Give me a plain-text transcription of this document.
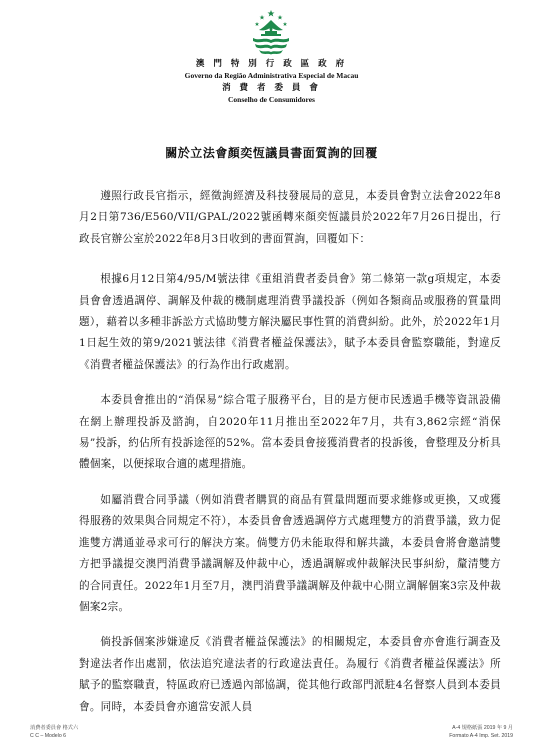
澳 門 特 別 行 政 區 政 府
Governo da Região Administrativa Especial de Macau
消 費 者 委 員 會
Conselho de Consumidores
關於立法會顏奕恆議員書面質詢的回覆

遵照行政長官指示，經徵詢經濟及科技發展局的意見，本委員會對立法會2022年8月2日第736/E560/VII/GPAL/2022號函轉來顏奕恆議員於2022年7月26日提出，行政長官辦公室於2022年8月3日收到的書面質詢，回覆如下：

根據6月12日第4/95/M號法律《重組消費者委員會》第二條第一款g項規定，本委員會會透過調停、調解及仲裁的機制處理消費爭議投訴（例如各類商品或服務的質量問題），藉着以多種非訴訟方式協助雙方解決屬民事性質的消費糾紛。此外，於2022年1月1日起生效的第9/2021號法律《消費者權益保護法》，賦予本委員會監察職能，對違反《消費者權益保護法》的行為作出行政處罰。

本委員會推出的“消保易”綜合電子服務平台，目的是方便市民透過手機等資訊設備在網上辦理投訴及諮詢，自2020年11月推出至2022年7月，共有3,862宗經“消保易”投訴，約佔所有投訴途徑的52%。當本委員會接獲消費者的投訴後，會整理及分析具體個案，以便採取合適的處理措施。

如屬消費合同爭議（例如消費者購買的商品有質量問題而要求維修或更換，又或獲得服務的效果與合同規定不符），本委員會會透過調停方式處理雙方的消費爭議，致力促進雙方溝通並尋求可行的解決方案。倘雙方仍未能取得和解共識，本委員會將會邀請雙方把爭議提交澳門消費爭議調解及仲裁中心，透過調解或仲裁解決民事糾紛，釐清雙方的合同責任。2022年1月至7月，澳門消費爭議調解及仲裁中心開立調解個案3宗及仲裁個案2宗。

倘投訴個案涉嫌違反《消費者權益保護法》的相關規定，本委員會亦會進行調查及對違法者作出處罰，依法追究違法者的行政違法責任。為履行《消費者權益保護法》所賦予的監察職責，特區政府已透過內部協調，從其他行政部門派駐4名督察人員到本委員會。同時，本委員會亦適當安派人員

消費者委員會 格式六
C C – Modelo 6
A-4 規格紙張 2019 年 9 月
Formato A-4 Imp. Set. 2019
